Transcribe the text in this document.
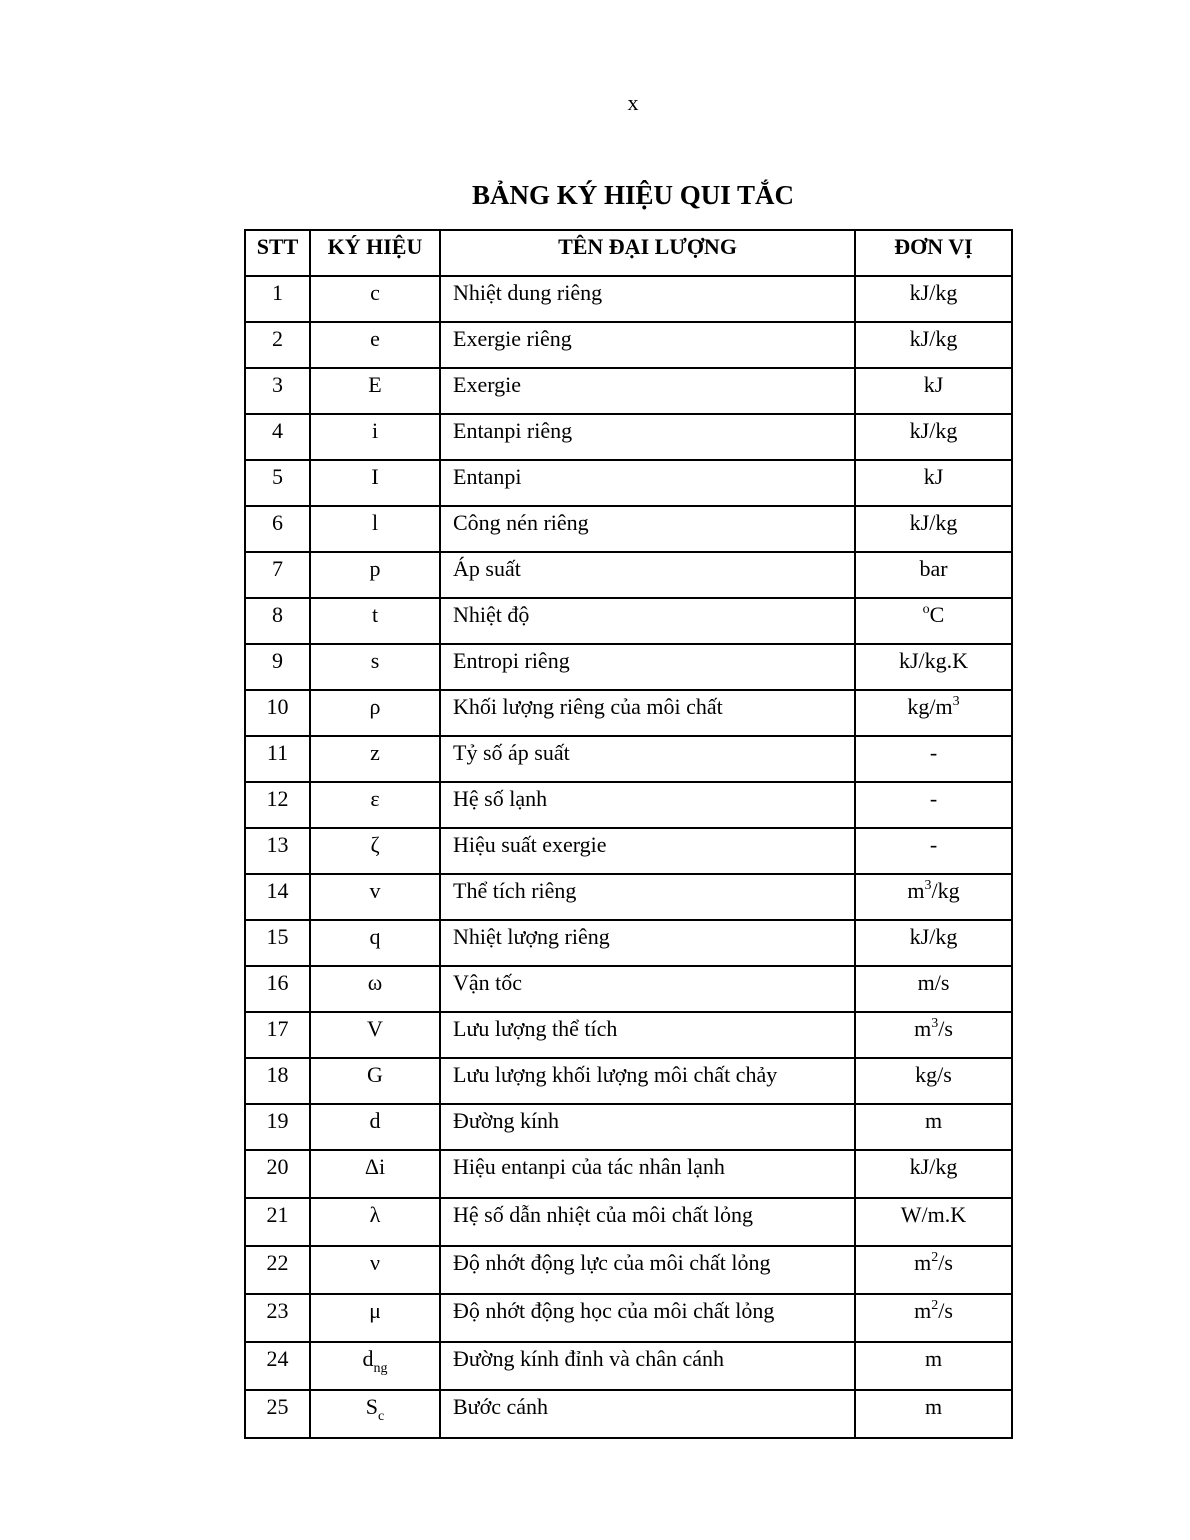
x
BẢNG KÝ HIỆU QUI TẮC
STT	KÝ HIỆU	TÊN ĐẠI LƯỢNG	ĐƠN VỊ
1	c	Nhiệt dung riêng	kJ/kg
2	e	Exergie riêng	kJ/kg
3	E	Exergie	kJ
4	i	Entanpi riêng	kJ/kg
5	I	Entanpi	kJ
6	l	Công nén riêng	kJ/kg
7	p	Áp suất	bar
8	t	Nhiệt độ	$^o$C
9	s	Entropi riêng	kJ/kg.K
10	ρ	Khối lượng riêng của môi chất	$kg/m^3$
11	z	Tỷ số áp suất	-
12	ε	Hệ số lạnh	-
13	ζ	Hiệu suất exergie	-
14	v	Thể tích riêng	$m^3/kg$
15	q	Nhiệt lượng riêng	kJ/kg
16	ω	Vận tốc	m/s
17	V	Lưu lượng thể tích	$m^3/s$
18	G	Lưu lượng khối lượng môi chất chảy	kg/s
19	d	Đường kính	m
20	Δi	Hiệu entanpi của tác nhân lạnh	kJ/kg
21	λ	Hệ số dẫn nhiệt của môi chất lỏng	W/m.K
22	ν	Độ nhớt động lực của môi chất lỏng	$m^2/s$
23	μ	Độ nhớt động học của môi chất lỏng	$m^2/s$
24	$d_{ng}$	Đường kính đỉnh và chân cánh	m
25	$S_c$	Bước cánh	m
